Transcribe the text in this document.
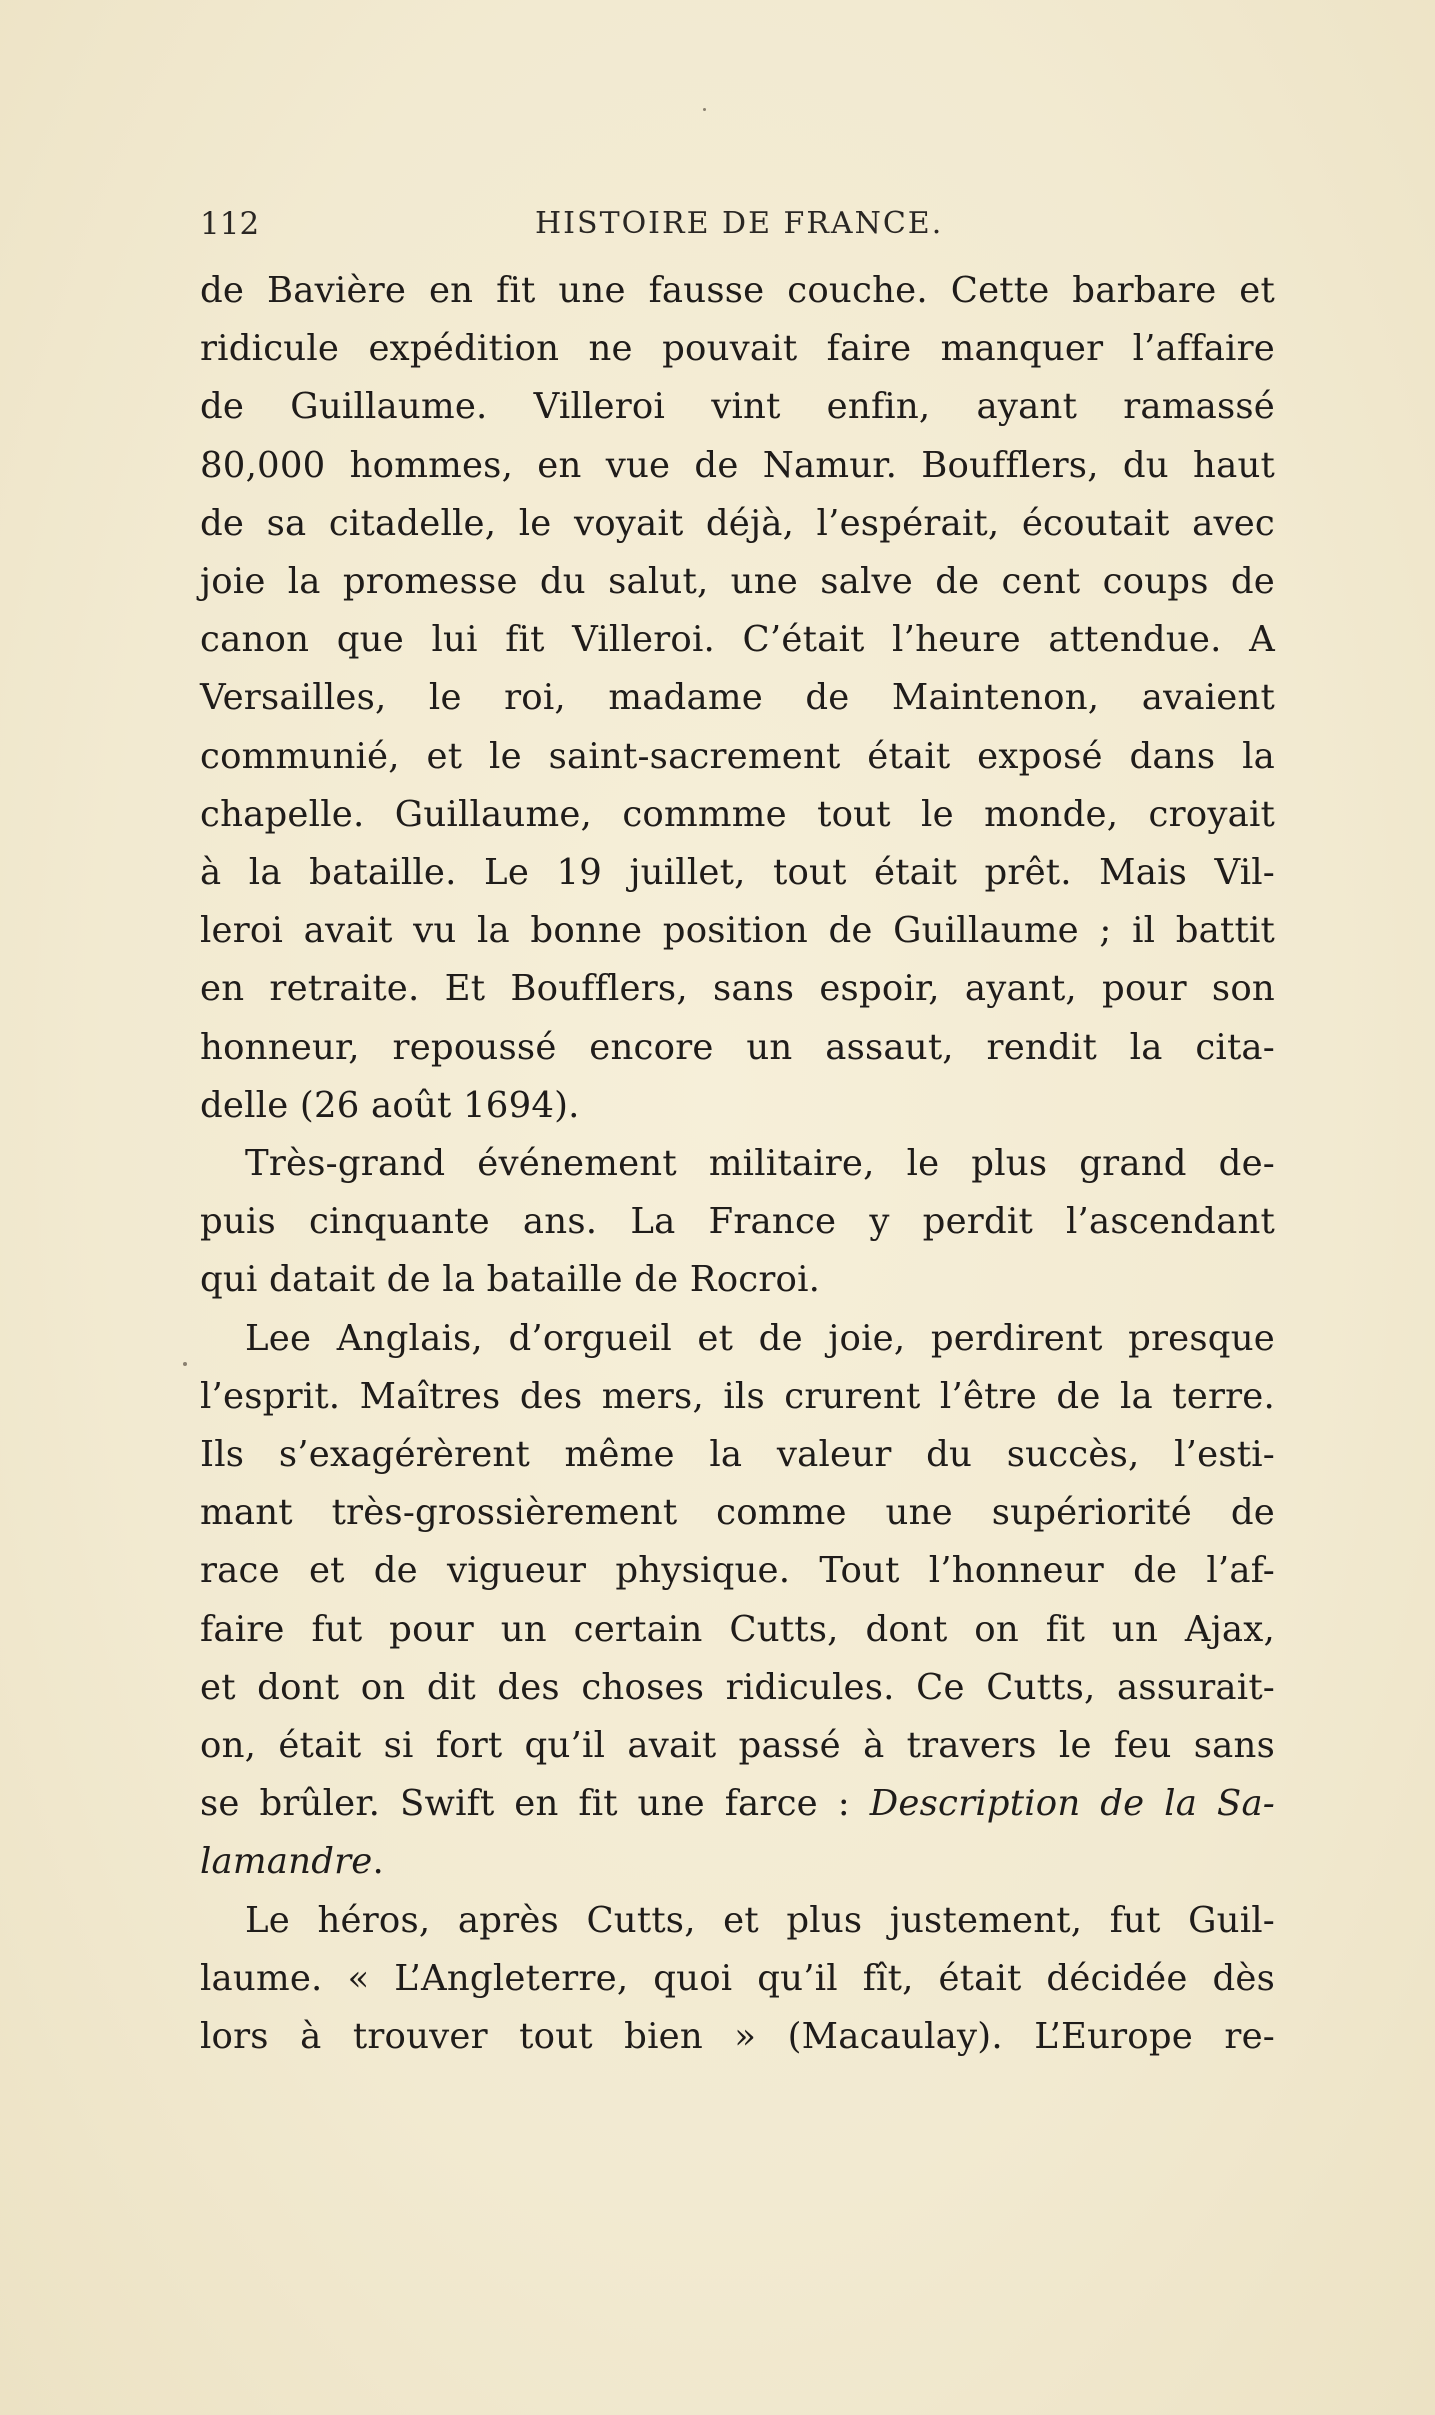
112	HISTOIRE DE FRANCE.

de Bavière en fit une fausse couche. Cette barbare et

ridicule expédition ne pouvait faire manquer l’affaire

de Guillaume. Villeroi vint enfin, ayant ramassé

80,000 hommes, en vue de Namur. Boufflers, du haut

de sa citadelle, le voyait déjà, l’espérait, écoutait avec

joie la promesse du salut, une salve de cent coups de

canon que lui fit Villeroi. C’était l’heure attendue. A

Versailles, le roi, madame de Maintenon, avaient

communié, et le saint-sacrement était exposé dans la

chapelle. Guillaume, commme tout le monde, croyait

à la bataille. Le 19 juillet, tout était prêt. Mais Vil-

leroi avait vu la bonne position de Guillaume ; il battit

en retraite. Et Boufflers, sans espoir, ayant, pour son

honneur, repoussé encore un assaut, rendit la cita-

delle (26 août 1694).

Très-grand événement militaire, le plus grand de-

puis cinquante ans. La France y perdit l’ascendant

qui datait de la bataille de Rocroi.

Lee Anglais, d’orgueil et de joie, perdirent presque

l’esprit. Maîtres des mers, ils crurent l’être de la terre.

Ils s’exagérèrent même la valeur du succès, l’esti-

mant très-grossièrement comme une supériorité de

race et de vigueur physique. Tout l’honneur de l’af-

faire fut pour un certain Cutts, dont on fit un Ajax,

et dont on dit des choses ridicules. Ce Cutts, assurait-

on, était si fort qu’il avait passé à travers le feu sans

se brûler. Swift en fit une farce : Description de la Sa-

lamandre.

Le héros, après Cutts, et plus justement, fut Guil-

laume. « L’Angleterre, quoi qu’il fît, était décidée dès

lors à trouver tout bien » (Macaulay). L’Europe re-
